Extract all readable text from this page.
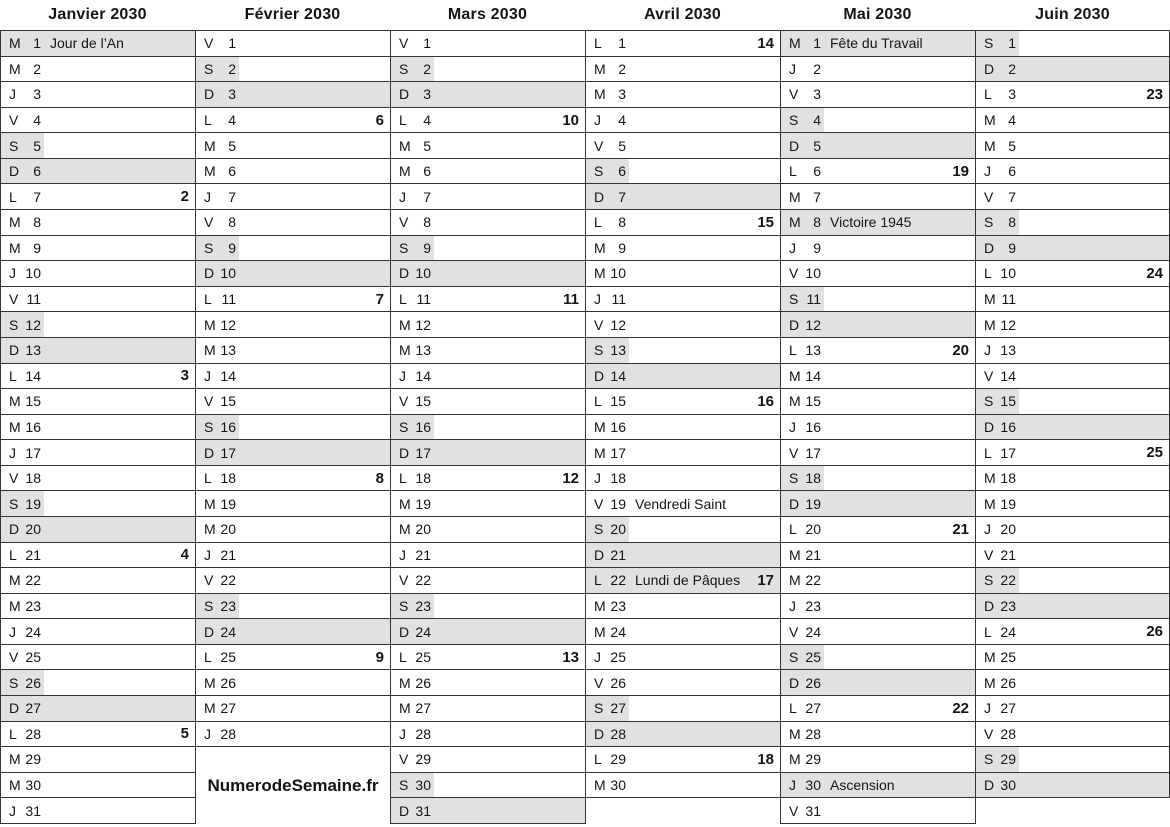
Janvier 2030
M 1 Jour de l’An
M 2
J	3
V	4
S	5
D	6
L	7	2
M 8
M 9
J 10
V 11
S 12
D 13
L 14	3
M 15
M 16
J 17
V 18
S 19
D 20
L 21	4
M 22
M 23
J 24
V 25
S 26
D 27
L 28	5
M 29
M 30
J 31
Février 2030
V	1
S	2
D	3
L	4	6
M 5
M 6
J	7
V	8
S	9
D 10
L 11	7
M 12
M 13
J 14
V 15
S 16
D 17
L 18	8
M 19
M 20
J 21
V 22
S 23
D 24
L 25	9
M 26
M 27
J 28
NumerodeSemaine.fr
Mars 2030
V	1
S	2
D	3
L	4	10
M 5
M 6
J	7
V	8
S	9
D 10
L 11	11
M 12
M 13
J 14
V 15
S 16
D 17
L 18	12
M 19
M 20
J 21
V 22
S 23
D 24
L 25	13
M 26
M 27
J 28
V 29
S 30
D 31
Avril 2030
L	1	14
M 2
M 3
J	4
V	5
S	6
D	7
L	8	15
M 9
M 10
J 11
V 12
S 13
D 14
L 15	16
M 16
M 17
J 18
V 19 Vendredi Saint
S 20
D 21
L 22 Lundi de Pâques 17
M 23
M 24
J 25
V 26
S 27
D 28
L 29	18
M 30
Mai 2030
M 1 Fête du Travail
J	2
V	3
S	4
D	5
L	6	19
M 7
M 8 Victoire 1945
J	9
V 10
S 11
D 12
L 13	20
M 14
M 15
J 16
V 17
S 18
D 19
L 20	21
M 21
M 22
J 23
V 24
S 25
D 26
L 27	22
M 28
M 29
J 30 Ascension
V 31
Juin 2030
S	1
D	2
L	3	23
M 4
M 5
J	6
V	7
S	8
D	9
L 10	24
M 11
M 12
J 13
V 14
S 15
D 16
L 17	25
M 18
M 19
J 20
V 21
S 22
D 23
L 24	26
M 25
M 26
J 27
V 28
S 29
D 30
